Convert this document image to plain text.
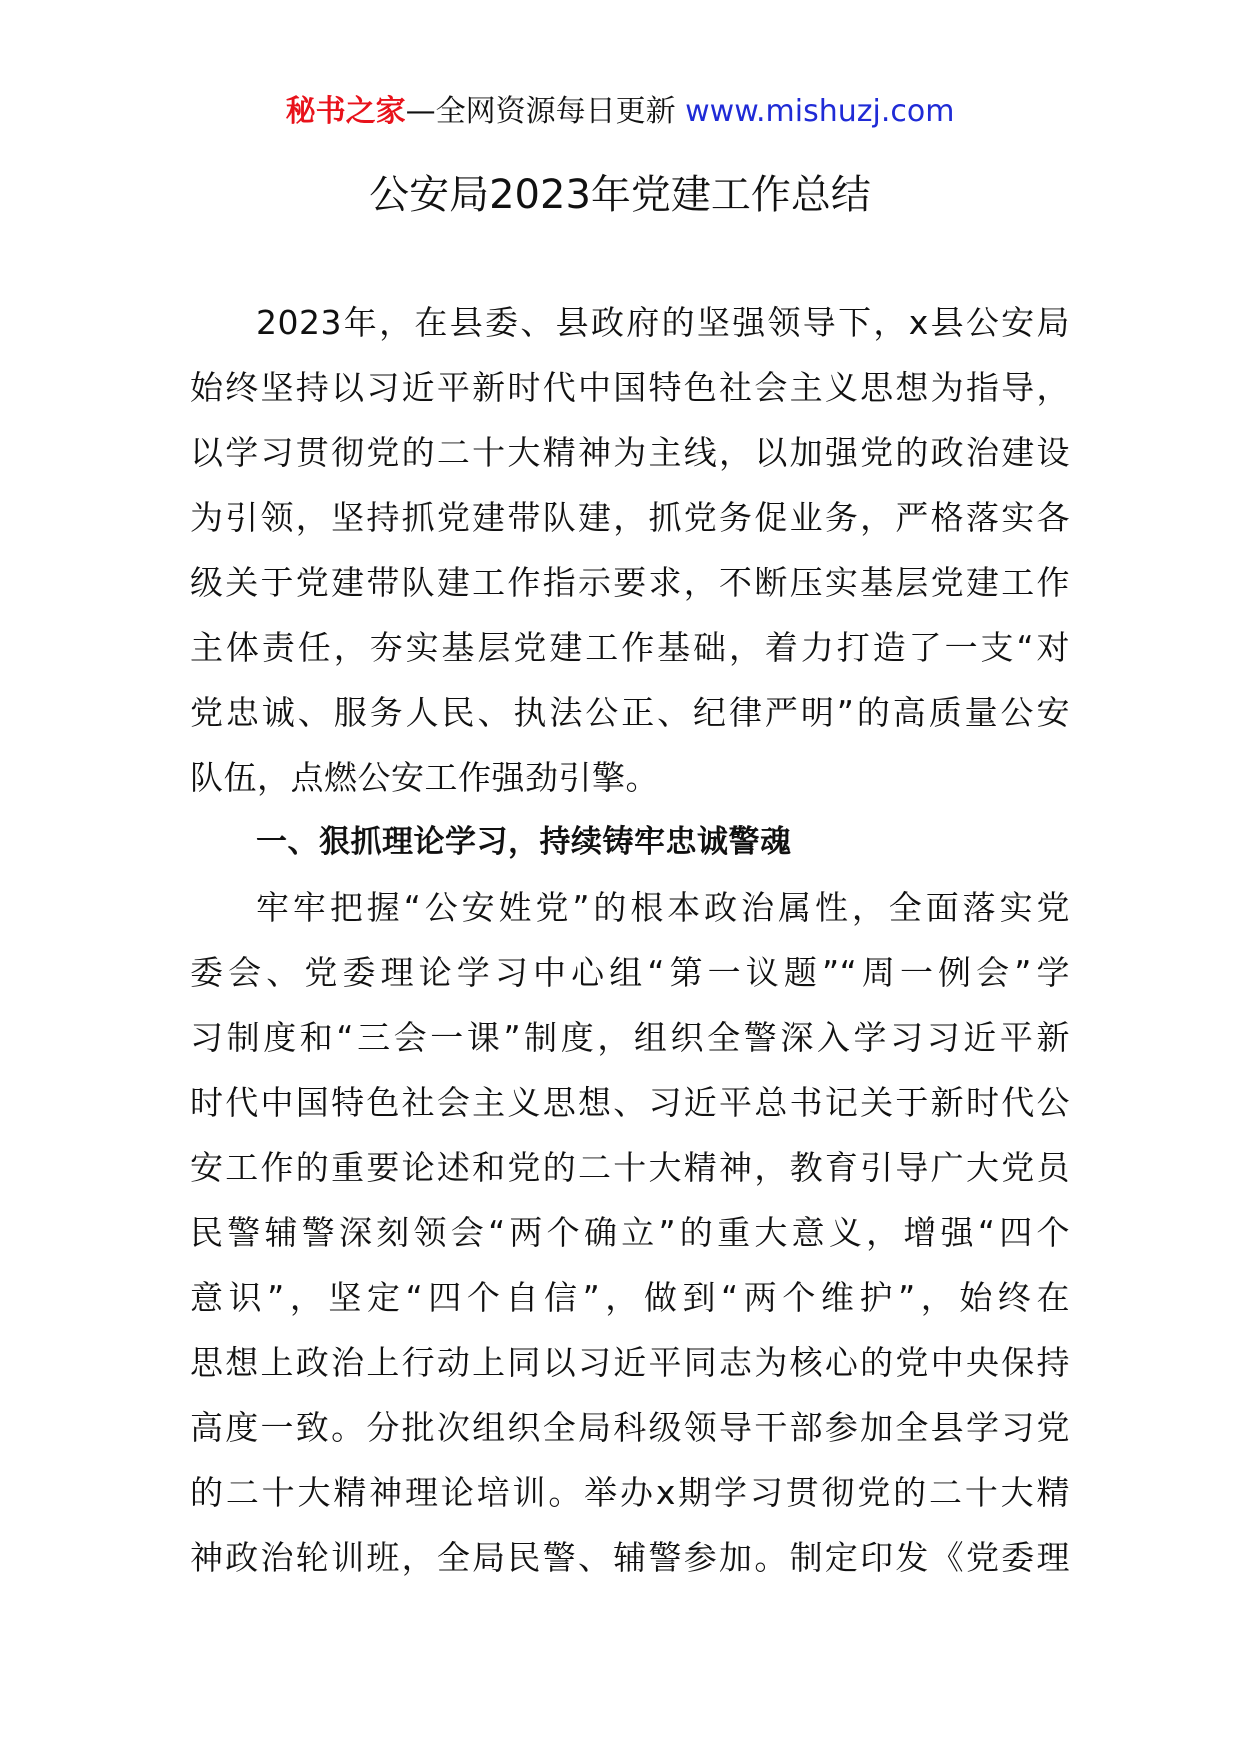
秘书之家—全网资源每日更新 www.mishuzj.com
公安局2023年党建工作总结
2023年，在县委、县政府的坚强领导下，x县公安局
始终坚持以习近平新时代中国特色社会主义思想为指导，
以学习贯彻党的二十大精神为主线，以加强党的政治建设
为引领，坚持抓党建带队建，抓党务促业务，严格落实各
级关于党建带队建工作指示要求，不断压实基层党建工作
主体责任，夯实基层党建工作基础，着力打造了一支“对
党忠诚、服务人民、执法公正、纪律严明”的高质量公安
队伍，点燃公安工作强劲引擎。
一、狠抓理论学习，持续铸牢忠诚警魂
牢牢把握“公安姓党”的根本政治属性，全面落实党
委会、党委理论学习中心组“第一议题”“周一例会”学
习制度和“三会一课”制度，组织全警深入学习习近平新
时代中国特色社会主义思想、习近平总书记关于新时代公
安工作的重要论述和党的二十大精神，教育引导广大党员
民警辅警深刻领会“两个确立”的重大意义，增强“四个
意识”，坚定“四个自信”，做到“两个维护”，始终在
思想上政治上行动上同以习近平同志为核心的党中央保持
高度一致。分批次组织全局科级领导干部参加全县学习党
的二十大精神理论培训。举办x期学习贯彻党的二十大精
神政治轮训班，全局民警、辅警参加。制定印发《党委理
